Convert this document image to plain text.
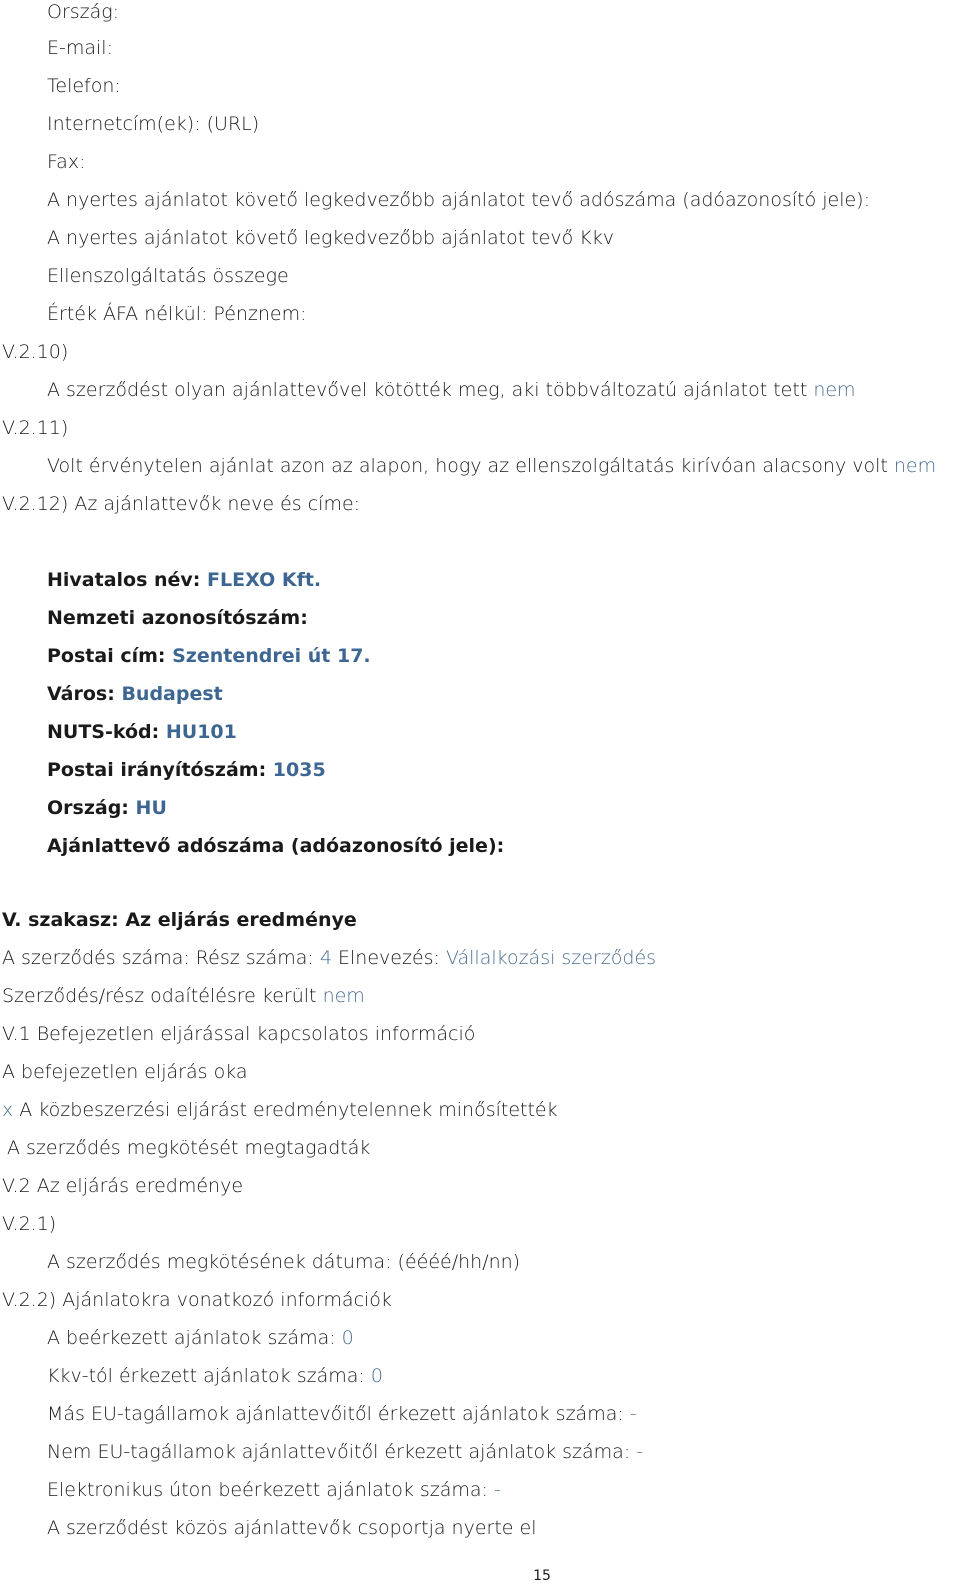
Ország:
E-mail:
Telefon:
Internetcím(ek): (URL)
Fax:
A nyertes ajánlatot követő legkedvezőbb ajánlatot tevő adószáma (adóazonosító jele):
A nyertes ajánlatot követő legkedvezőbb ajánlatot tevő Kkv
Ellenszolgáltatás összege
Érték ÁFA nélkül: Pénznem:
V.2.10)
A szerződést olyan ajánlattevővel kötötték meg, aki többváltozatú ajánlatot tett nem
V.2.11)
Volt érvénytelen ajánlat azon az alapon, hogy az ellenszolgáltatás kirívóan alacsony volt nem
V.2.12) Az ajánlattevők neve és címe:
Hivatalos név: FLEXO Kft.
Nemzeti azonosítószám:
Postai cím: Szentendrei út 17.
Város: Budapest
NUTS-kód: HU101
Postai irányítószám: 1035
Ország: HU
Ajánlattevő adószáma (adóazonosító jele):
V. szakasz: Az eljárás eredménye
A szerződés száma: Rész száma: 4 Elnevezés: Vállalkozási szerződés
Szerződés/rész odaítélésre került nem
V.1 Befejezetlen eljárással kapcsolatos információ
A befejezetlen eljárás oka
x A közbeszerzési eljárást eredménytelennek minősítették
A szerződés megkötését megtagadták
V.2 Az eljárás eredménye
V.2.1)
A szerződés megkötésének dátuma: (éééé/hh/nn)
V.2.2) Ajánlatokra vonatkozó információk
A beérkezett ajánlatok száma: 0
Kkv-tól érkezett ajánlatok száma: 0
Más EU-tagállamok ajánlattevőitől érkezett ajánlatok száma: -
Nem EU-tagállamok ajánlattevőitől érkezett ajánlatok száma: -
Elektronikus úton beérkezett ajánlatok száma: -
A szerződést közös ajánlattevők csoportja nyerte el
15
